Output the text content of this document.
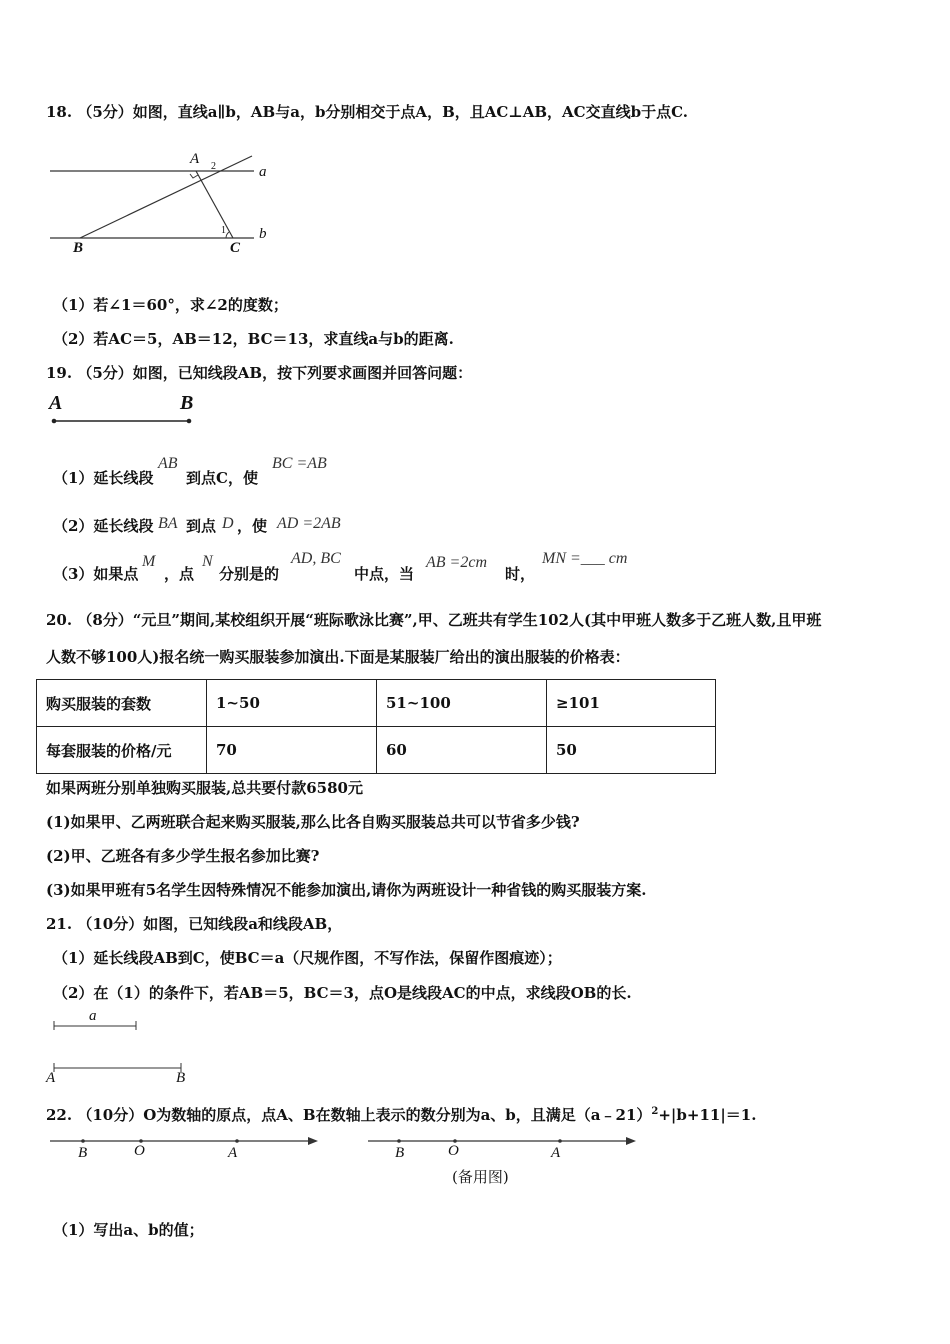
18. （5分）如图，直线a∥b，AB与a，b分别相交于点A，B，且AC⊥AB，AC交直线b于点C.
A 2	a
1 b
B	C
（1）若∠1＝60°，求∠2的度数；
（2）若AC＝5，AB＝12，BC＝13，求直线a与b的距离.
19. （5分）如图，已知线段AB，按下列要求画图并回答问题：
A	B
（1）延长线段
AB
到点C，使
BC =AB
（2）延长线段 BA 到点 D ，使 AD =2AB
（3）如果点
M
，点
N
分别是的
AD, BC
中点，当
AB =2cm
时，
MN =___ cm
20. （8分）“元旦”期间,某校组织开展“班际歌泳比赛”,甲、乙班共有学生102人(其中甲班人数多于乙班人数,且甲班
人数不够100人)报名统一购买服装参加演出.下面是某服装厂给出的演出服装的价格表：
购买服装的套数	1~50	51~100	≥101
每套服装的价格/元	70	60	50
如果两班分别单独购买服装,总共要付款6580元
(1)如果甲、乙两班联合起来购买服装,那么比各自购买服装总共可以节省多少钱?
(2)甲、乙班各有多少学生报名参加比赛?
(3)如果甲班有5名学生因特殊情况不能参加演出,请你为两班设计一种省钱的购买服装方案.
21. （10分）如图，已知线段a和线段AB，
（1）延长线段AB到C，使BC＝a（尺规作图，不写作法，保留作图痕迹）；
（2）在（1）的条件下，若AB＝5，BC＝3，点O是线段AC的中点，求线段OB的长.
a
A	B
22. （10分）O为数轴的原点，点A、B在数轴上表示的数分别为a、b，且满足（a﹣21）$^2$+|b+11|＝1.
B	O	A	B	O	A
(备用图)
（1）写出a、b的值；
